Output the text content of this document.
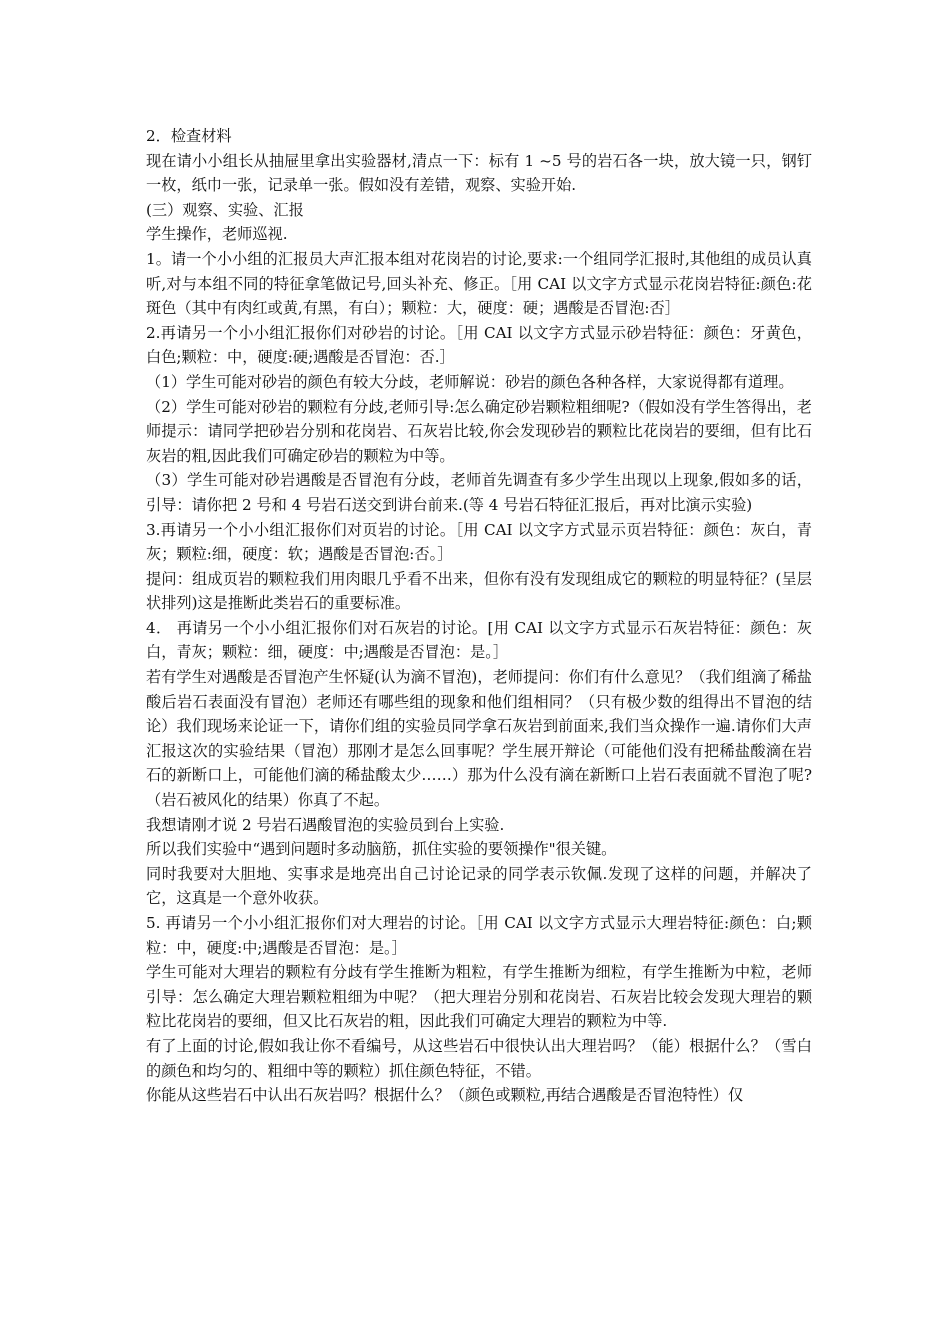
2．检查材料

现在请小小组长从抽屉里拿出实验器材,清点一下：标有 1 ~5 号的岩石各一块，放大镜一只，钢钉一枚，纸巾一张，记录单一张。假如没有差错，观察、实验开始.

(三）观察、实验、汇报

学生操作，老师巡视.

1。请一个小小组的汇报员大声汇报本组对花岗岩的讨论,要求:一个组同学汇报时,其他组的成员认真听,对与本组不同的特征拿笔做记号,回头补充、修正。［用 CAI 以文字方式显示花岗岩特征:颜色:花斑色（其中有肉红或黄,有黑，有白）；颗粒：大，硬度：硬；遇酸是否冒泡:否］

2.再请另一个小小组汇报你们对砂岩的讨论。［用 CAI 以文字方式显示砂岩特征：颜色：牙黄色，白色;颗粒：中，硬度:硬;遇酸是否冒泡：否.］

（1）学生可能对砂岩的颜色有较大分歧，老师解说：砂岩的颜色各种各样，大家说得都有道理。

（2）学生可能对砂岩的颗粒有分歧,老师引导:怎么确定砂岩颗粒粗细呢?（假如没有学生答得出，老师提示：请同学把砂岩分别和花岗岩、石灰岩比较,你会发现砂岩的颗粒比花岗岩的要细，但有比石灰岩的粗,因此我们可确定砂岩的颗粒为中等。

（3）学生可能对砂岩遇酸是否冒泡有分歧，老师首先调查有多少学生出现以上现象,假如多的话，引导：请你把 2 号和 4 号岩石送交到讲台前来.(等 4 号岩石特征汇报后，再对比演示实验)

3.再请另一个小小组汇报你们对页岩的讨论。［用 CAI 以文字方式显示页岩特征：颜色：灰白，青灰；颗粒:细，硬度：软；遇酸是否冒泡:否。］

提问：组成页岩的颗粒我们用肉眼几乎看不出来，但你有没有发现组成它的颗粒的明显特征？(呈层状排列)这是推断此类岩石的重要标准。

4． 再请另一个小小组汇报你们对石灰岩的讨论。[用 CAI 以文字方式显示石灰岩特征：颜色：灰白，青灰；颗粒：细，硬度：中;遇酸是否冒泡：是。］

若有学生对遇酸是否冒泡产生怀疑(认为滴不冒泡)，老师提问：你们有什么意见？（我们组滴了稀盐酸后岩石表面没有冒泡）老师还有哪些组的现象和他们组相同？（只有极少数的组得出不冒泡的结论）我们现场来论证一下，请你们组的实验员同学拿石灰岩到前面来,我们当众操作一遍.请你们大声汇报这次的实验结果（冒泡）那刚才是怎么回事呢？学生展开辩论（可能他们没有把稀盐酸滴在岩石的新断口上，可能他们滴的稀盐酸太少……）那为什么没有滴在新断口上岩石表面就不冒泡了呢?（岩石被风化的结果）你真了不起。

我想请刚才说 2 号岩石遇酸冒泡的实验员到台上实验.

所以我们实验中“遇到问题时多动脑筋，抓住实验的要领操作"很关键。

同时我要对大胆地、实事求是地亮出自己讨论记录的同学表示钦佩.发现了这样的问题，并解决了它，这真是一个意外收获。

5. 再请另一个小小组汇报你们对大理岩的讨论。［用 CAI 以文字方式显示大理岩特征:颜色：白;颗粒：中，硬度:中;遇酸是否冒泡：是。］

学生可能对大理岩的颗粒有分歧有学生推断为粗粒，有学生推断为细粒，有学生推断为中粒，老师引导：怎么确定大理岩颗粒粗细为中呢？（把大理岩分别和花岗岩、石灰岩比较会发现大理岩的颗粒比花岗岩的要细，但又比石灰岩的粗，因此我们可确定大理岩的颗粒为中等.

有了上面的讨论,假如我让你不看编号，从这些岩石中很快认出大理岩吗？（能）根据什么？（雪白的颜色和均匀的、粗细中等的颗粒）抓住颜色特征，不错。

你能从这些岩石中认出石灰岩吗？根据什么？（颜色或颗粒,再结合遇酸是否冒泡特性）仅
